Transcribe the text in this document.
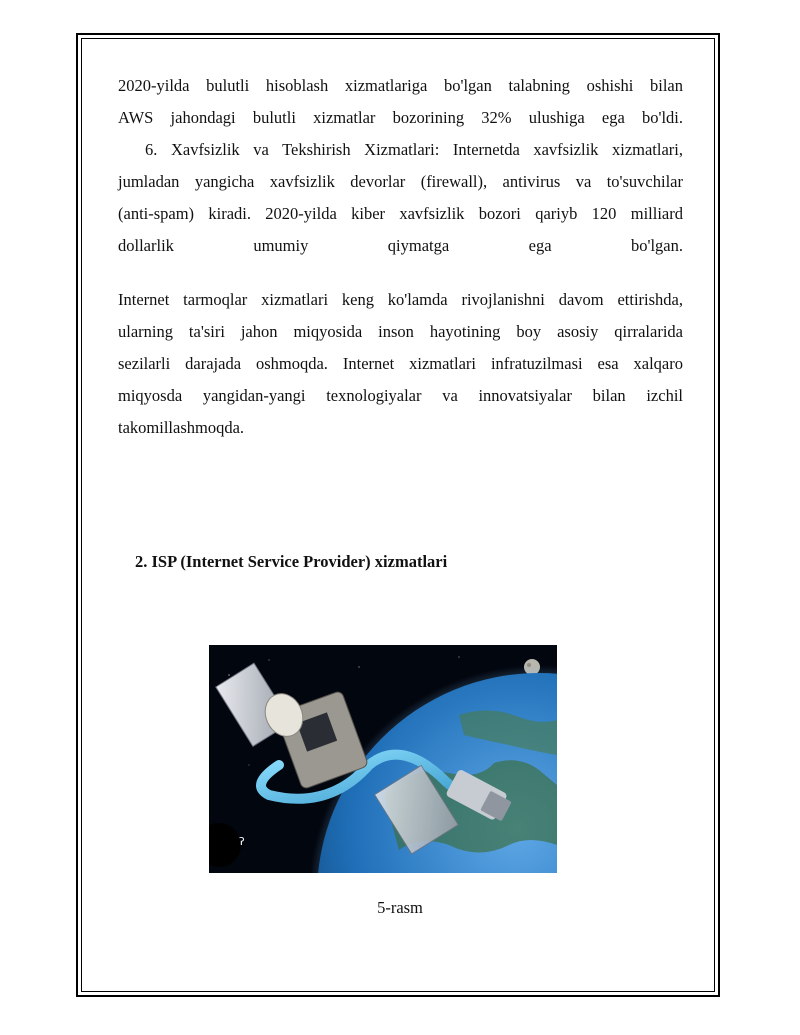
2020-yilda bulutli hisoblash xizmatlariga bo'lgan talabning oshishi bilan
AWS jahondagi bulutli xizmatlar bozorining 32% ulushiga ega bo'ldi.

6. Xavfsizlik va Tekshirish Xizmatlari: Internetda xavfsizlik xizmatlari,
jumladan yangicha xavfsizlik devorlar (firewall), antivirus va to'suvchilar
(anti-spam) kiradi. 2020-yilda kiber xavfsizlik bozori qariyb 120 milliard
dollarlik umumiy qiymatga ega bo'lgan.

Internet tarmoqlar xizmatlari keng ko'lamda rivojlanishni davom ettirishda,
ularning ta'siri jahon miqyosida inson hayotining boy asosiy qirralarida
sezilarli darajada oshmoqda. Internet xizmatlari infratuzilmasi esa xalqaro
miqyosda yangidan-yangi texnologiyalar va innovatsiyalar bilan izchil
takomillashmoqda.

2. ISP (Internet Service Provider) xizmatlari
ʔ

5-rasm
